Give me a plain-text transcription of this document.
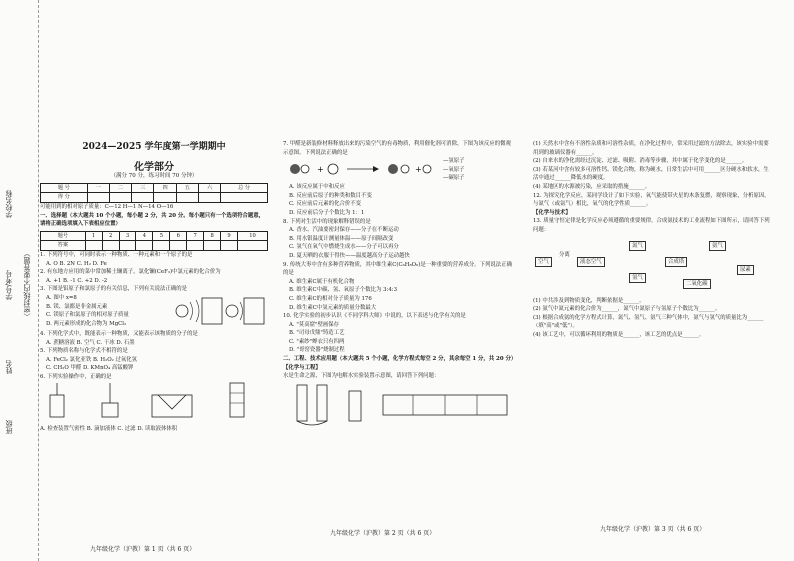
学校名称
学号/考号
姓名
班级
（密封线内不要答题）
2024—2025 学年度第一学期期中
化学部分
（满分 70 分，练习时间 70 分钟）
题 号	一	二	三	四	五	六	总 分
得 分							

可能用到的相对原子质量：C—12 H—1 N—14 O—16

一、选择题（本大题共 10 个小题，每小题 2 分，共 20 分。每小题只有一个选项符合题意，请将正确选项填入下表相应位置）

题号	1	2	3	4	5	6	7	8	9	10
答案										

1. 下列符号中，可同时表示一种物质、一种元素和一个原子的是

A. O B. 2N C. H₂ D. Fe

2. 有东地方应用的菜中常加稀土镧离子，氯化镧(CeF₃)中氯元素的化合价为

A. +1 B. -1 C. +2 D. -2

3. 下图是铝原子和氯原子的有关信息，下列有关说法正确的是

A. 图中 x=8

B. 镁、氯都是非金属元素

C. 镁原子和氯原子的相对原子质量

D. 两元素形成的化合物为 MgCl₂

4. 下列化学式中，既能表示一种物质，又能表示该物质的分子的是

A. 蔗糖溶液 B. 空气 C. 干冰 D. 石墨

5. 下列物质名称与化学式不相符的是

A. FeCl₂ 氯化亚铁 B. H₂O₂ 过氧化氢

C. CH₂O 甲醛 D. KMnO₄ 高锰酸钾

6. 下列实验操作中，正确的是

A. 检查装置气密性 B. 滴加液体 C. 过滤 D. 读取液体体积

九年级化学（沪教）第 1 页（共 6 页）

7. 甲醛是新装修材料释放出来的污染空气的有毒物质，利用催化剂可消除，下图为该反应的微观示意图。下列说法正确的是

+	+

—氢原子

—氧原子

—碳原子

A. 该反应属于中和反应

B. 反应前后原子的种类和数目不变

C. 反应前后元素的化合价不变

D. 反应前后分子个数比为 1：1

8. 下列对生活中的现象解释错误的是

A. 香水、汽油要密封保存——分子在不断运动

B. 用水银温度计测量体温——原子间隔改变

C. 氢气在氧气中燃烧生成水——分子可以再分

D. 夏天晒的衣服干得快——温度越高分子运动越快

9. 传统大枣中含有多种营养物质，其中维生素C(C₆H₈O₆)是一种重要的营养成分。下列说法正确的是

A. 维生素C属于有机化合物

B. 维生素C中碳、氢、氧原子个数比为 3:4:3

C. 维生素C的相对分子质量为 176

D. 维生素C中氢元素的质量分数最大

10. 化学实验的初步认识《不同学科大师》中说的，以下表述与化学有关的是

A. "莫高窟"壁画保存

B. "司母戊鼎"铸造工艺

C. "素纱"蝉衣只有四两

D. "哥窑瓷器"烧制过程

二、工程、技术应用题（本大题共 5 个小题，化学方程式每空 2 分，其余每空 1 分，共 20 分）

【化学与工程】

水是生命之源，下图为电解水实验装置示意图，请回答下列问题：

九年级化学（沪教）第 2 页（共 6 页）

(1) 天然水中含有不溶性杂质和可溶性杂质，在净化过程中，常采用过滤的方法除去，该实验中需要用到的玻璃仪器有______。

(2) 自来水的净化需经过沉淀、过滤、吸附、消毒等步骤，其中属于化学变化的是______。

(3) 若某河中含有较多可溶性钙、镁化合物，称为硬水，日常生活中可用______区分硬水和软水，生活中通过______降低水的硬度。

(4) 某地区的水源被污染，应采取的措施______。

12. 为探究化学反应，某同学设计了如下实验，氧气能使带火星的木条复燃，观察现象，分析原因。

与氮气（或氩气）相比，氧气的化学性质______。

【化学与技术】

13. 质量守恒定律是化学反应必须遵循的重要规律。合成氨技术的工业流程如下图所示，请回答下列问题：

空气
分离
液态空气
氮气
氢气
合成塔
氨气
二氧化碳
尿素

(1) 中共涉及到物质变化，判断依据是______。

(2) 氨气中氮元素的化合价为______，氮气中氮原子与氢原子个数比为______。

(3) 根据合成氨的化学方程式计算，氮气、氢气、氨气三种气体中，氨气与氢气的质量比为______（填"高"或"低"）。

(4) 该工艺中，可以循环利用的物质是______，该工艺的优点是______。

九年级化学（沪教）第 3 页（共 6 页）
